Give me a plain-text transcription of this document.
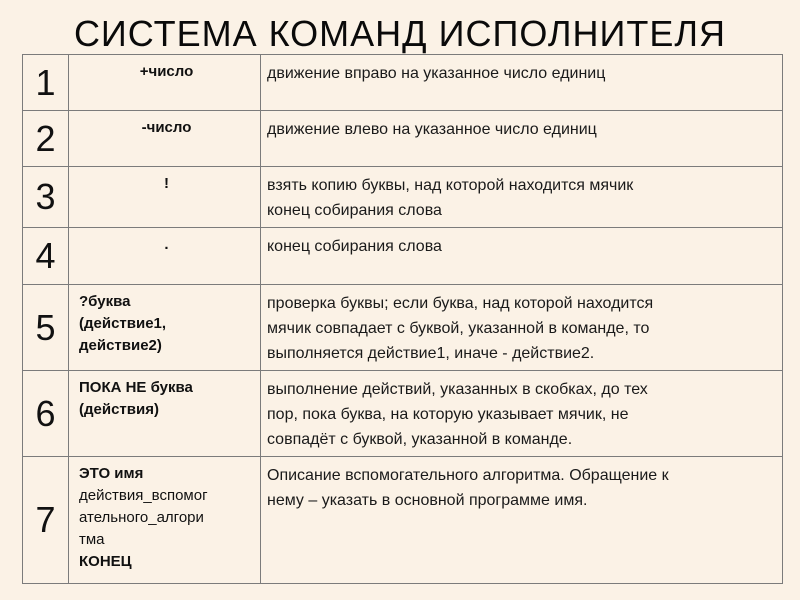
СИСТЕМА КОМАНД ИСПОЛНИТЕЛЯ
1	+число	движение вправо на указанное число единиц

2	-число	движение влево на указанное число единиц

3	!	взять копию буквы, над которой находится мячик
конец собирания слова

4	.	конец собирания слова

5	?буква
(действие1,
действие2)	проверка буквы; если буква, над которой находится
мячик совпадает с буквой, указанной в команде, то
выполняется действие1, иначе - действие2.

6	ПОКА НЕ буква
(действия)	выполнение действий, указанных в скобках, до тех
пор, пока буква, на которую указывает мячик, не
совпадёт с буквой, указанной в команде.

7	ЭТО имя
действия_вспомог
ательного_алгори
тма
КОНЕЦ	Описание вспомогательного алгоритма. Обращение к
нему – указать в основной программе имя.
